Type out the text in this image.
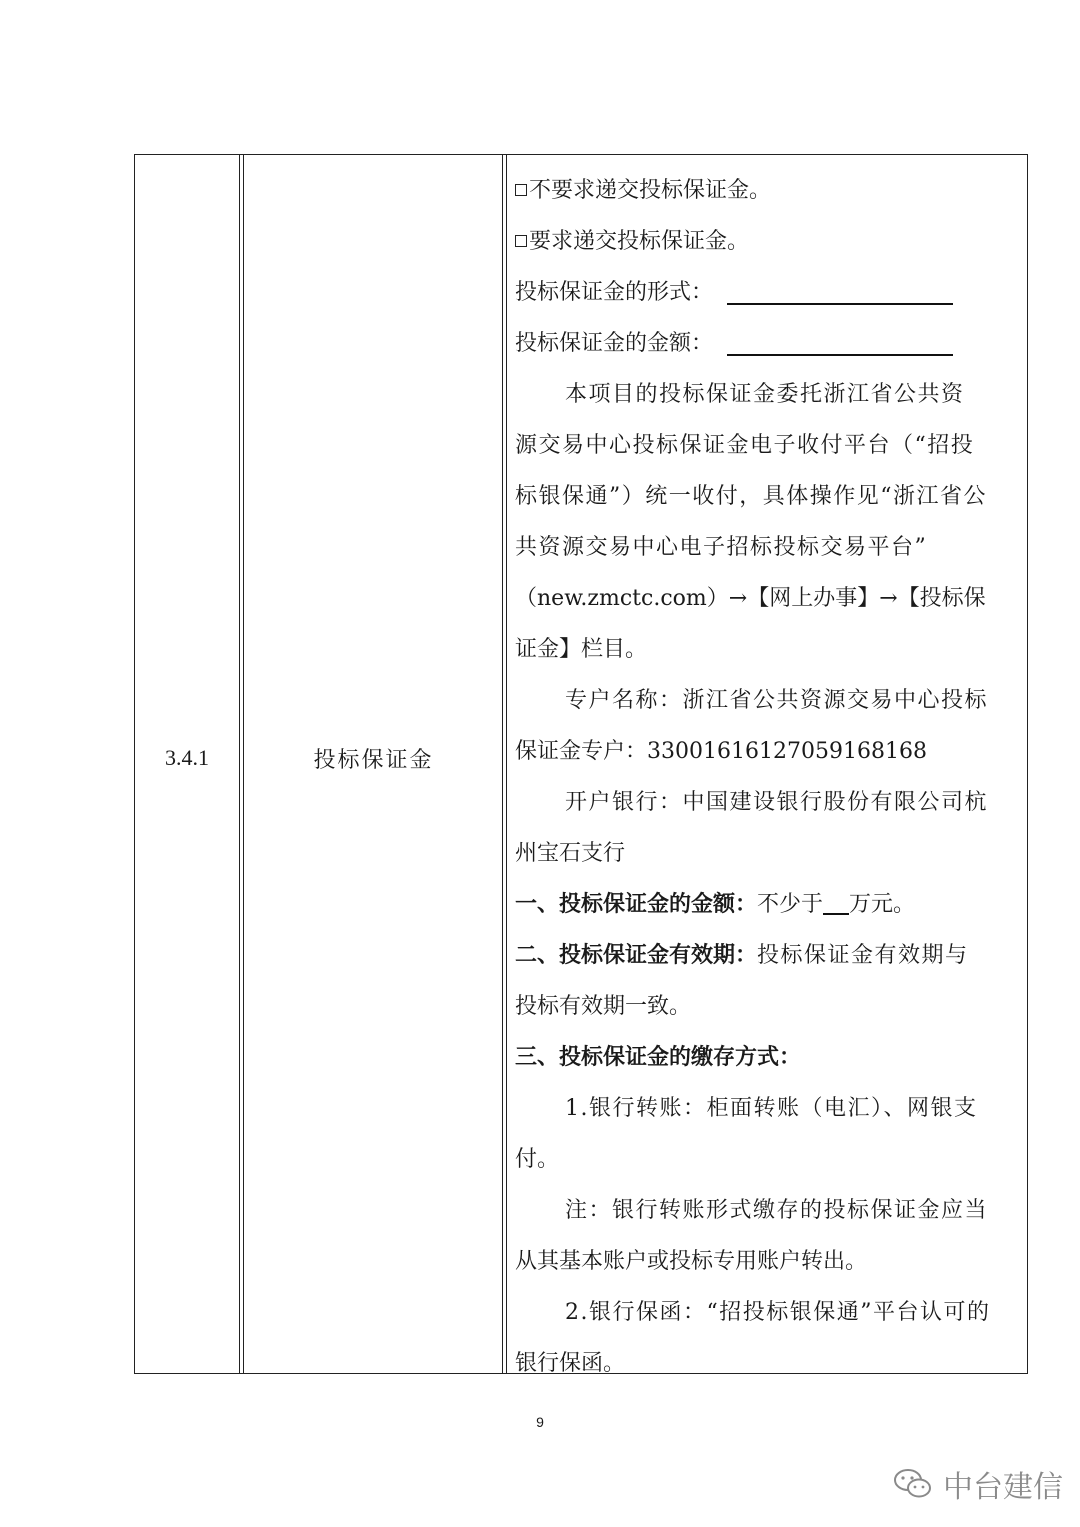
3.4.1	投标保证金
不要求递交投标保证金。
要求递交投标保证金。
投标保证金的形式：
投标保证金的金额：
本项目的投标保证金委托浙江省公共资
源交易中心投标保证金电子收付平台（“招投
标银保通”）统一收付，具体操作见“浙江省公
共资源交易中心电子招标投标交易平台”
（new.zmctc.com）→【网上办事】→【投标保
证金】栏目。
专户名称：浙江省公共资源交易中心投标
保证金专户：330016161270591681​68
开户银行：中国建设银行股份有限公司杭
州宝石支行
一、投标保证金的金额：不少于 万元。
二、投标保证金有效期：投标保证金有效期与
投标有效期一致。
三、投标保证金的缴存方式：
1.银行转账：柜面转账（电汇）、网银支
付。
注：银行转账形式缴存的投标保证金应当
从其基本账户或投标专用账户转出。
2.银行保函：“招投标银保通”平台认可的
银行保函。
9
中台建信
